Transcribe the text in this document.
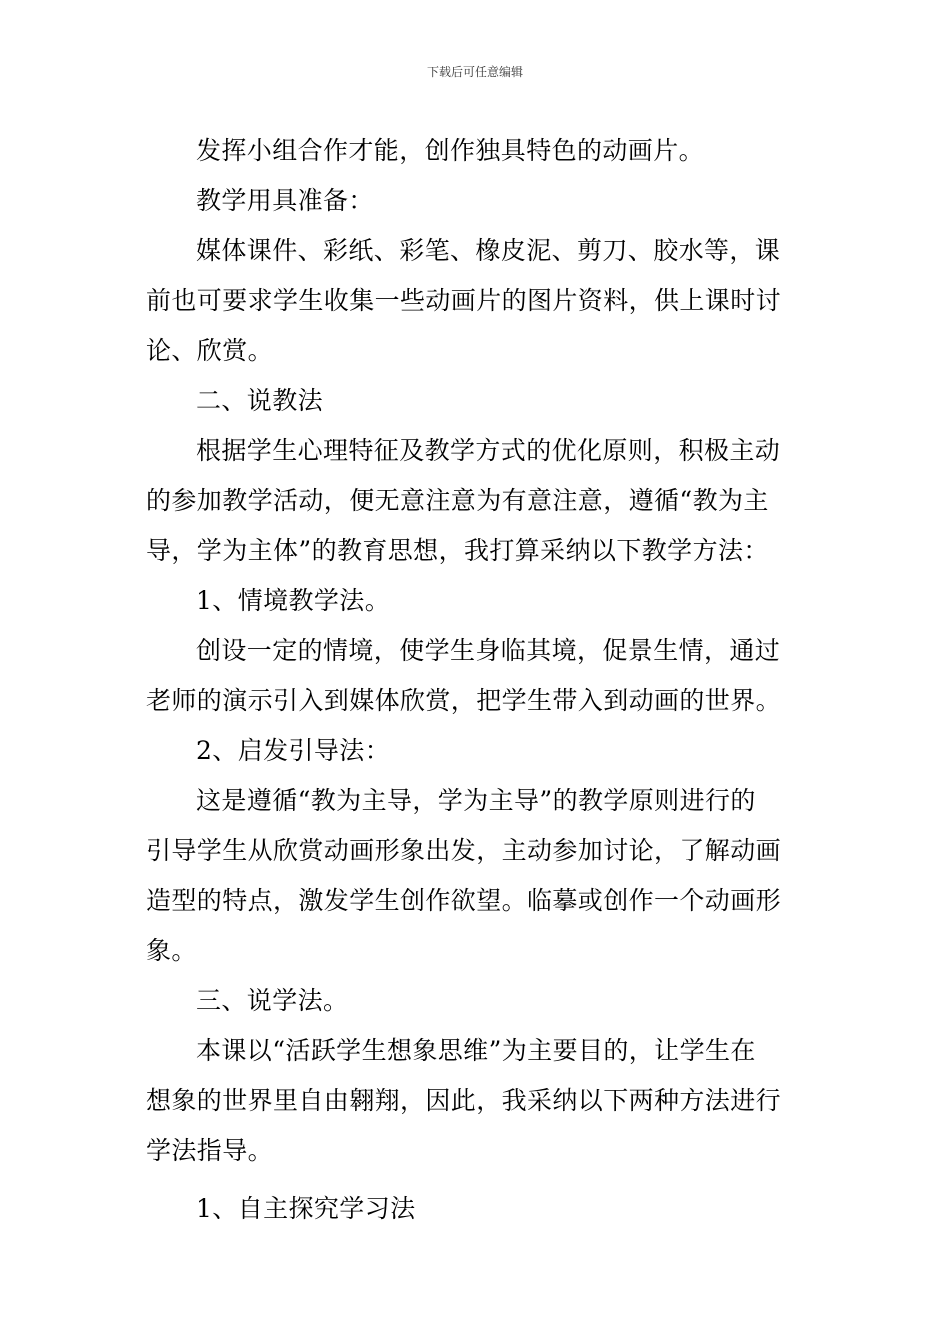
下载后可任意编辑

发挥小组合作才能，创作独具特色的动画片。

教学用具准备：

媒体课件、彩纸、彩笔、橡皮泥、剪刀、胶水等，课

前也可要求学生收集一些动画片的图片资料，供上课时讨

论、欣赏。

二、说教法

根据学生心理特征及教学方式的优化原则，积极主动

的参加教学活动，便无意注意为有意注意，遵循“教为主

导，学为主体”的教育思想，我打算采纳以下教学方法：

1、情境教学法。

创设一定的情境，使学生身临其境，促景生情，通过

老师的演示引入到媒体欣赏，把学生带入到动画的世界。

2、启发引导法：

这是遵循“教为主导，学为主导”的教学原则进行的

引导学生从欣赏动画形象出发，主动参加讨论，了解动画

造型的特点，激发学生创作欲望。临摹或创作一个动画形

象。

三、说学法。

本课以“活跃学生想象思维”为主要目的，让学生在

想象的世界里自由翱翔，因此，我采纳以下两种方法进行

学法指导。

1、自主探究学习法
